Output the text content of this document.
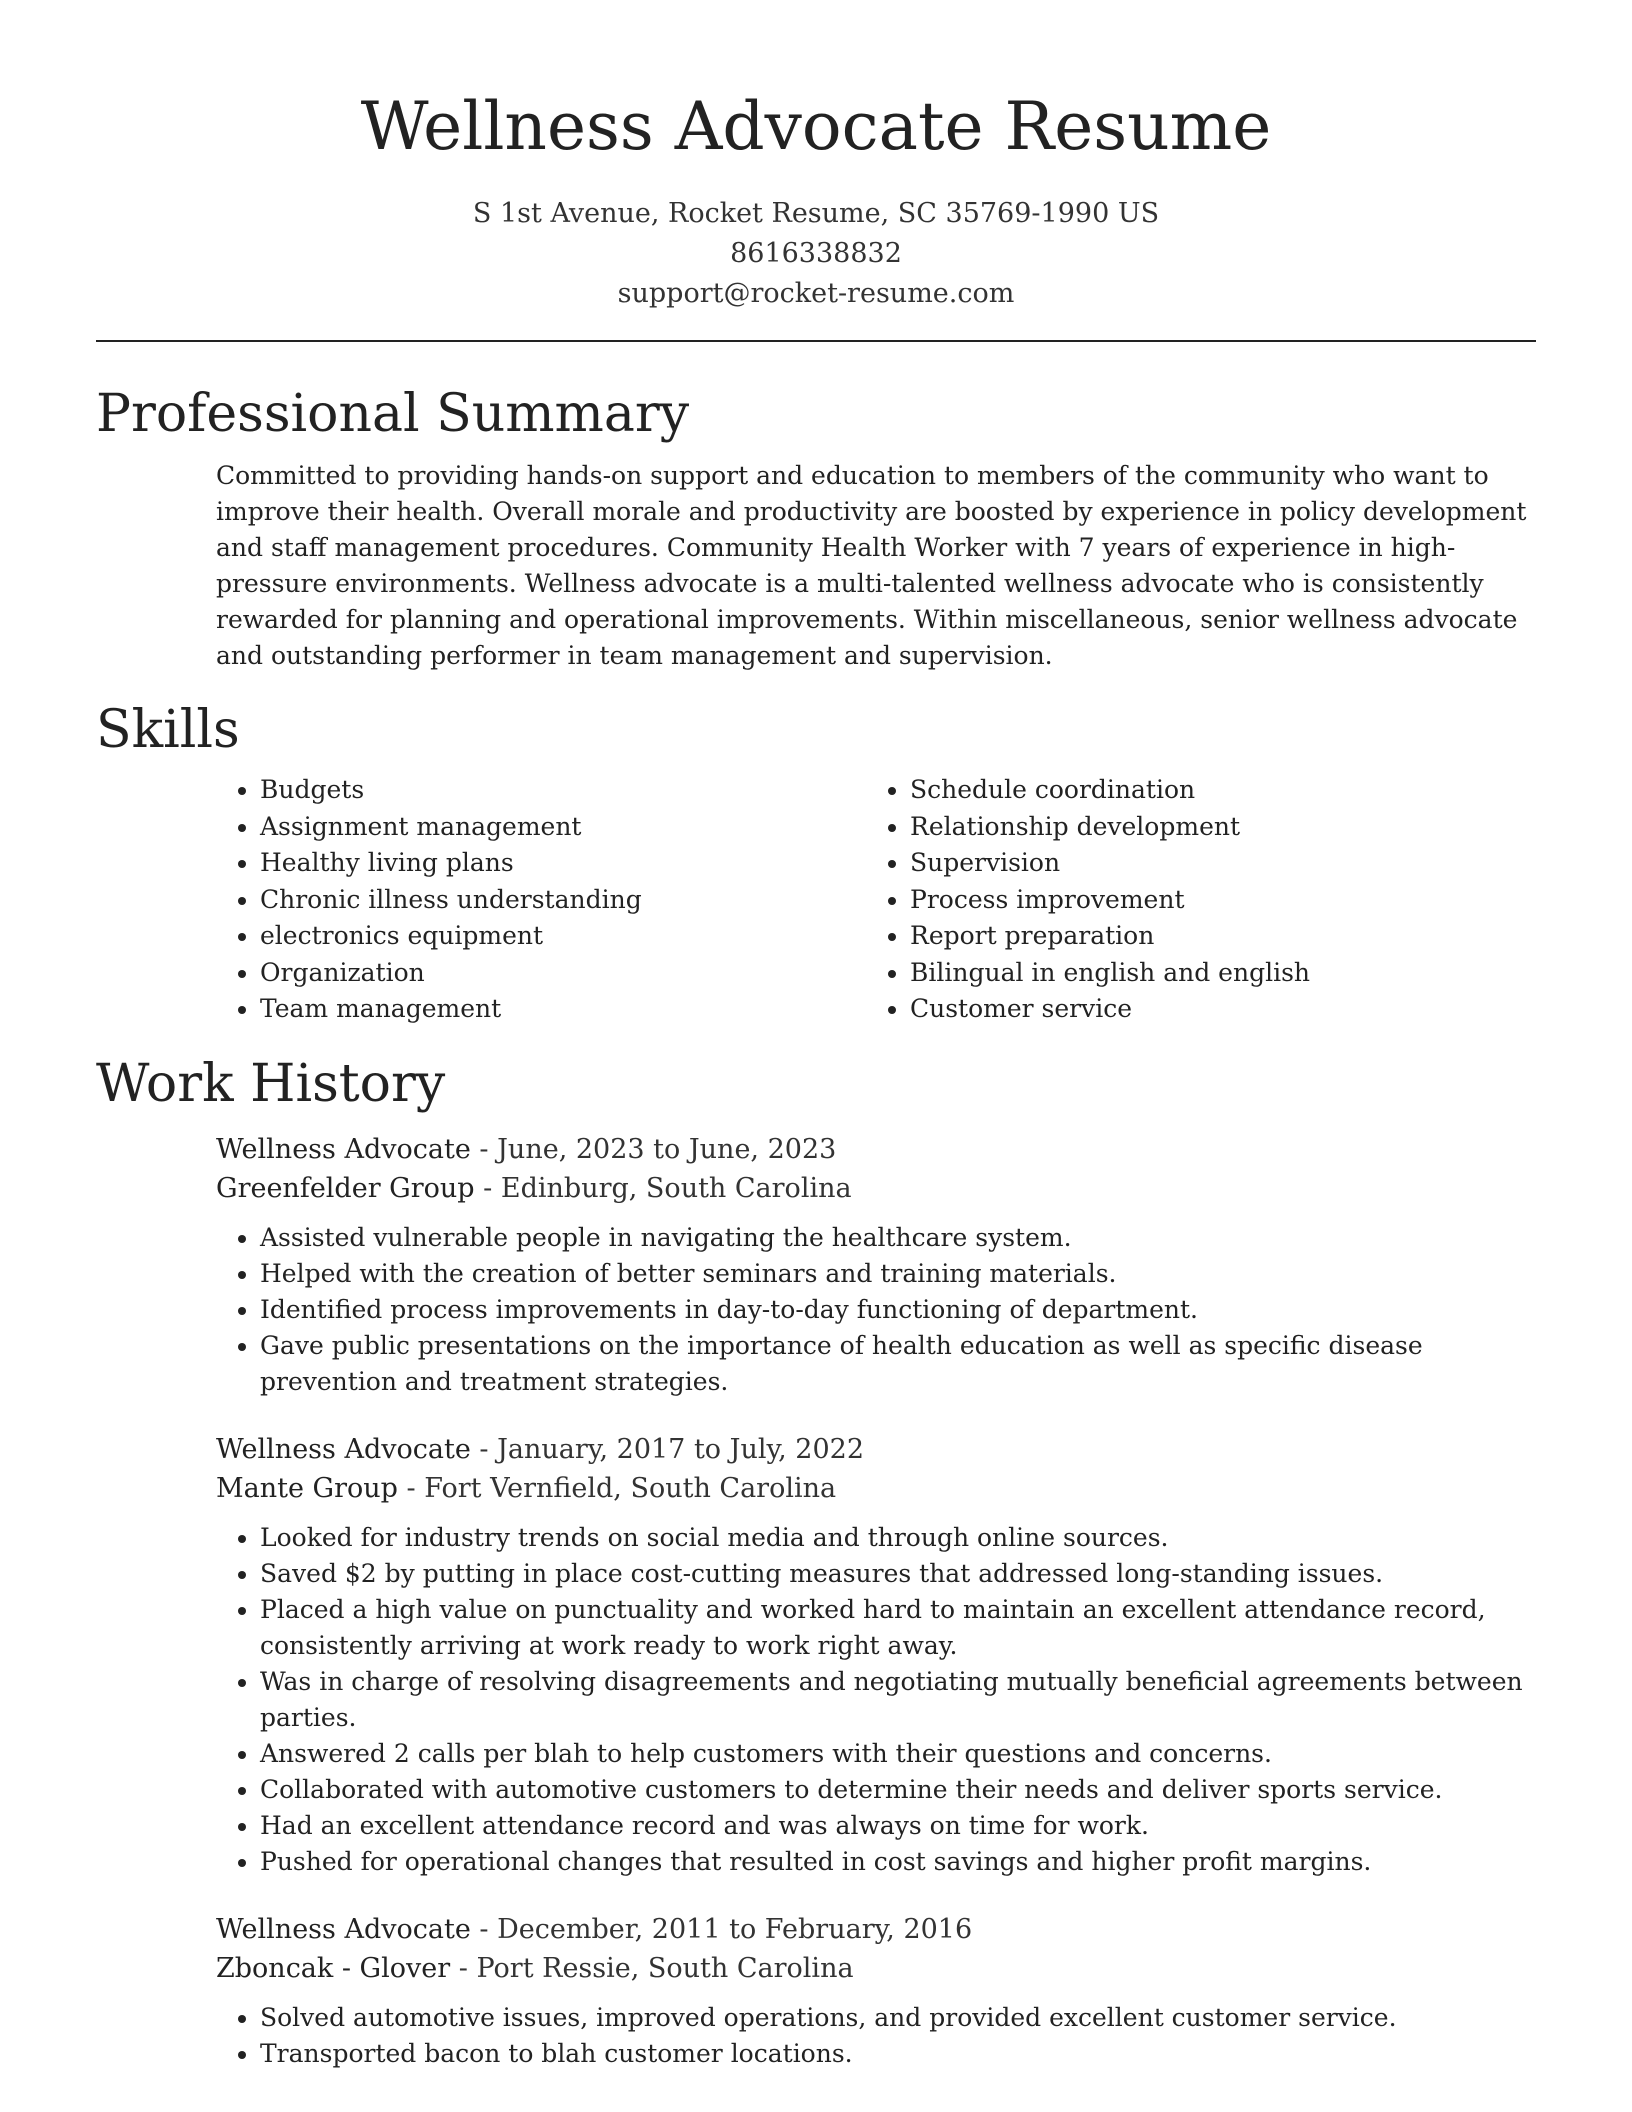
Wellness Advocate Resume
S 1st Avenue, Rocket Resume, SC 35769-1990 US
8616338832
support@rocket-resume.com
Professional Summary

Committed to providing hands-on support and education to members of the community who want to improve their health. Overall morale and productivity are boosted by experience in policy development and staff management procedures. Community Health Worker with 7 years of experience in high-pressure environments. Wellness advocate is a multi-talented wellness advocate who is consistently rewarded for planning and operational improvements. Within miscellaneous, senior wellness advocate and outstanding performer in team management and supervision.

Skills
• Budgets
• Assignment management
• Healthy living plans
• Chronic illness understanding
• electronics equipment
• Organization
• Team management
• Schedule coordination
• Relationship development
• Supervision
• Process improvement
• Report preparation
• Bilingual in english and english
• Customer service
Work History
Wellness Advocate - June, 2023 to June, 2023
Greenfelder Group - Edinburg, South Carolina
• Assisted vulnerable people in navigating the healthcare system.
• Helped with the creation of better seminars and training materials.
• Identified process improvements in day-to-day functioning of department.
• Gave public presentations on the importance of health education as well as specific disease prevention and treatment strategies.
Wellness Advocate - January, 2017 to July, 2022
Mante Group - Fort Vernfield, South Carolina
• Looked for industry trends on social media and through online sources.
• Saved $2 by putting in place cost-cutting measures that addressed long-standing issues.
• Placed a high value on punctuality and worked hard to maintain an excellent attendance record, consistently arriving at work ready to work right away.
• Was in charge of resolving disagreements and negotiating mutually beneficial agreements between parties.
• Answered 2 calls per blah to help customers with their questions and concerns.
• Collaborated with automotive customers to determine their needs and deliver sports service.
• Had an excellent attendance record and was always on time for work.
• Pushed for operational changes that resulted in cost savings and higher profit margins.
Wellness Advocate - December, 2011 to February, 2016
Zboncak - Glover - Port Ressie, South Carolina
• Solved automotive issues, improved operations, and provided excellent customer service.
• Transported bacon to blah customer locations.
